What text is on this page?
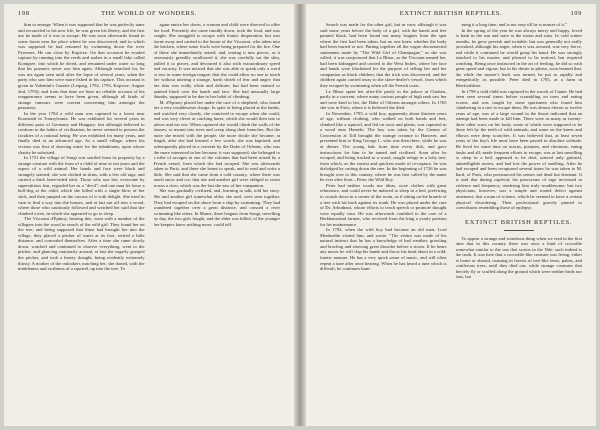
198	THE WORLD OF WONDERS.

him to emerge. When it was supposed that he was perfectly tame and reconciled to his new life, he was given his liberty, and the first use he made of it was to escape. He was soon afterwards found in some forest near the place where he was discovered, and in which was supposed he had returned by swimming down the river Pyrenees. He ran close by Kopicze. On that occasion he evaded capture by running into the reeds and rushes in a small lake called Konigsee, into which he dived, and remained under water so long that his pursuers never saw him again. Although searched for, he was not again seen until after the lapse of several years, when the party who saw him were more fished in his capture. This account is given in Valentini's Gazette (Leipzig, 1792, 1793, Kopicze, August 2nd, 1793); and from that time we have no reliable account of his reappearance seems to have been given, although all kinds of strange rumours were current concerning him amongst the peasantry.

In the year 1784 a wild man was captured in a forest near Kronstadt in Transylvania. He was exhibited for several years in different parts of Germany and Hungary: but although believed to conform to the habits of civilization, he never seemed to possess the faculties of a rational being. He was exhibited for many years, and finally died at an advanced age. As a small village, where his vicious was first of drawing water for the inhabitants, upon whose charity he subsisted.

In 1731 the village of Songi was startled from its propriety by a strange creature with the form of a child of nine or ten years and the aspect of a wild animal. Her hands and face were black and strangely stained; she was clothed in skins, with a few old rags, and carried a thick knee-sided stick. Those who saw her, overcome by superstitious fear, regarded her as a "devil"; and one man let loose a bull-dog at the child, which she killed with a single blow of her stick, and then jumped on the carcass of it with delight. She tried in vain to find a way into the houses, and at last ran off into a wood, where those who cautiously followed and watched her said that she climbed a tree, in which she appeared to go to sleep.

The Viscount d'Epinoy, hearing this, went with a number of the villagers into the wood in search of the wild girl. They found her on the tree, and being supposed that thirst had brought her into the village, they placed a pitcher of water at its foot, retired a little distance, and concealed themselves. After a time she came slowly down, watched and continued to observe everything, went to the pitcher, and glancing cautiously around, at last she eagerly grasped the pitcher, and took a hearty draught, being evidently extremely thirsty. A mother of the onlookers watching her, she darted, with the nimbleness and swiftness of a squirrel, up into the tree. To

again entice her down, a woman and child were directed to offer her food. Presently she came timidly down, took the food, and was caught. She struggled to escape with frantic desperation, but was borne away and carried to the house of the Viscount, who taken into the kitchen, where some fowls were being prepared for the fire. One of these she immediately seized, and, tearing it into pieces, as it ravenously greedily swallowed it, she was carefully sat the skin, pulled it to pieces, and devoured it also with extraordinary speed and voracity. It was noticed that she was able to speak only a word or two in some foreign tongue; that she could allow no one to touch her without uttering a strange, harsh shriek of fear and anger; that her skin was really white and delicate, but had been stained or painted black over the hands and face. She had unusually large thumbs, supposed to be due to her habit of climbing.

M. d'Epinoy placed her under the care of a shepherd, who found her a very troublesome charge. In spite of being placed at the lambs, and watched very closely, she contrived to escape when she could, and was very clever at catching hares, which she would then tear to pieces and eat raw. When captured she would climb the walls of the houses, or mount into trees and creep along their branches. But the more she mixed with the people, the more docile she became; at length, after she had learned a few words, she was baptized, and subsequently placed in a convent by the Duke of Orleans, who was the more interested in her because, it was supposed, she belonged to a tribe of savages in one of the colonies that had been seized by a French vessel, from which she had escaped. She was afterwards taken to Paris, and there she learnt to speak, and to read and write a little. She said that she came from a cold country, where there was much snow and ice; that she and another girl were obliged to swim across a river, which was the last she saw of her companion.

She was gradually civilized, and, learning to talk, told her story. She and another girl somewhat older, she said, were seen together. They had escaped on the shore from a ship by swimming. They had wandered together over a great distance, and crossed a river swimming like otters. In Marne, three leagues from Songi, travelling by day, the two girls fought, and the elder was killed; of the younger her keepers knew nothing more, could tell.

EXTINCT BRITISH REPTILES.	199

Search was made for the other girl, but in vain; although it was said some years before the body of a girl, with the hands and feet painted black, had been found not many leagues from the spot where the first had been taken, but no one knew whether the body had been buried or not. Putting together all the vague disconnected statements made by "The Wild Girl of Champagne," as she was called, it was conjectured that Le Blanc, as the Viscount named her, had been kidnapped and carried to the West Indies, where her face and hands were blackened for the purpose of selling her and her companion as black children; that the trick was discovered, and the children again carried away to the slave-dealer's vessel, from which they escaped by swimming when off the French coast.

Le Blanc spent her after-life partly in the palace at Chalons, partly in a convent, where many curious people of high rank saw her and were kind to her, the Duke of Orleans amongst others. In 1765 she was in Paris, where it is believed she died.

In November, 1795, a wild boy, apparently about thirteen years of age, without clothing, who walked on both hands and feet, climbed like a squirrel, and fed on roots and plants, was captured in a wood near Hameln. The boy was taken by the Canton of Concession at Toll brought the strange creature to Hanover, and presented him to King George I., who was then there, while he was at dinner. The young lads from time every dish, and gave instructions for him to be tamed and civilized. Soon after he escaped, and being tracked to a wood, sought refuge in a lofty tree, from which, as the easiest and quickest mode of re-capture, he was dislodged by cutting down the tree. In the beginning of 1726 he was brought over to this country, where he was first called by the name he ever after bore—Peter, the Wild Boy.

Peter had neither words nor ideas, wore clothes with great reluctance, and could never be induced to sleep in a bed, preferring to crouch down in a corner of the room, as if sitting on the branch of a tree with his back against its trunk. He was placed under the care of Dr. Arbuthnot, whose efforts to teach speech or promote thought were equally vain. He was afterwards confided to the care of a Berkhamstead farmer, who received from the king a yearly pension for his maintenance.

In 1782, when the wild boy had become an old man, Lord Monboddo visited him, and wrote: "The visitor was made of his natural instinct that he has a knowledge of bad weather, growling and howling and showing great disorder before a storm. If he hears any music he will clap his hands and throw his head about in a wild, frantic manner. He has a very quick sense of music, and will often repeat a tune after once hearing. When he has heard a tune which is difficult, he continues hum-

ming it a long time, and is not easy till he is master of it."

In the spring of the year he was always merry and happy, loved to bask in the sun and stare at the moon and stars. In cold winter months, he grew peevish and irritable, but was generally not really provoked, although his anger, when it was aroused, was very fierce, and while it continued he would grasp his hand. He was strongly attached to his master, and pleased to be noticed, but required watching. Being once instructed in the art of feeding, he did so with great speed and vigour; but in his desire to please, soon learned that, the while the master's back was turned, he put as rapidly and energetically as possible. Peter died in 1785, at a farm in Hertfordshire.

In 1798 a wild child was captured in the woods of Caune. He had been seen several times before scrambling on trees and eating acorns, and was caught by some sportsmen who found him clambering in a tree to escape them. He was almost eleven or twelve years of age, was of a large wound in the throat indicated that an attempt had been made to kill him. There were as many as twenty-three other scars on his body, some of which were supposed to be those left by the teeth of wild animals, and some on the knees and elbows were deep scratches. It was believed that, at least seven years of the boy's life must have been passed in absolute solitude. He lived for some time on acorns, potatoes, and chestnuts, eating husks and all; made frequent efforts to escape, was at last unwilling to sleep in a bed, appeared to be deaf, uttered only guttural, unintelligible noises, and had lost the power of smelling. After he had escaped and been recaptured several times he was taken to M. Itard, of Paris, who pronounced his senses not dead but dormant. It is said that during captivity his paroxysms of rage increased in violence and frequency, rendering him truly troublesome; but two physicians, however, was a simple and rooted defect against treatment; that a man of science, which he seemed to have a certain physical disordering. Their professional gravely pinned to convulsions resembling those of epilepsy.

EXTINCT BRITISH REPTILES.

To appear a strange and wondrous thing when we read in the first time that in this country there was once a kind of crocodile somewhat similar to the one that swims in the Nile: such indeed is the truth. It was here that a crocodile-like creature was living, either at home or abroad, roaming in forests of tree-like ferns, palms, and coniferous trees, until they died out; while strange creatures that fiercely fly or scuffed along the ground which were neither birds nor bats, but
